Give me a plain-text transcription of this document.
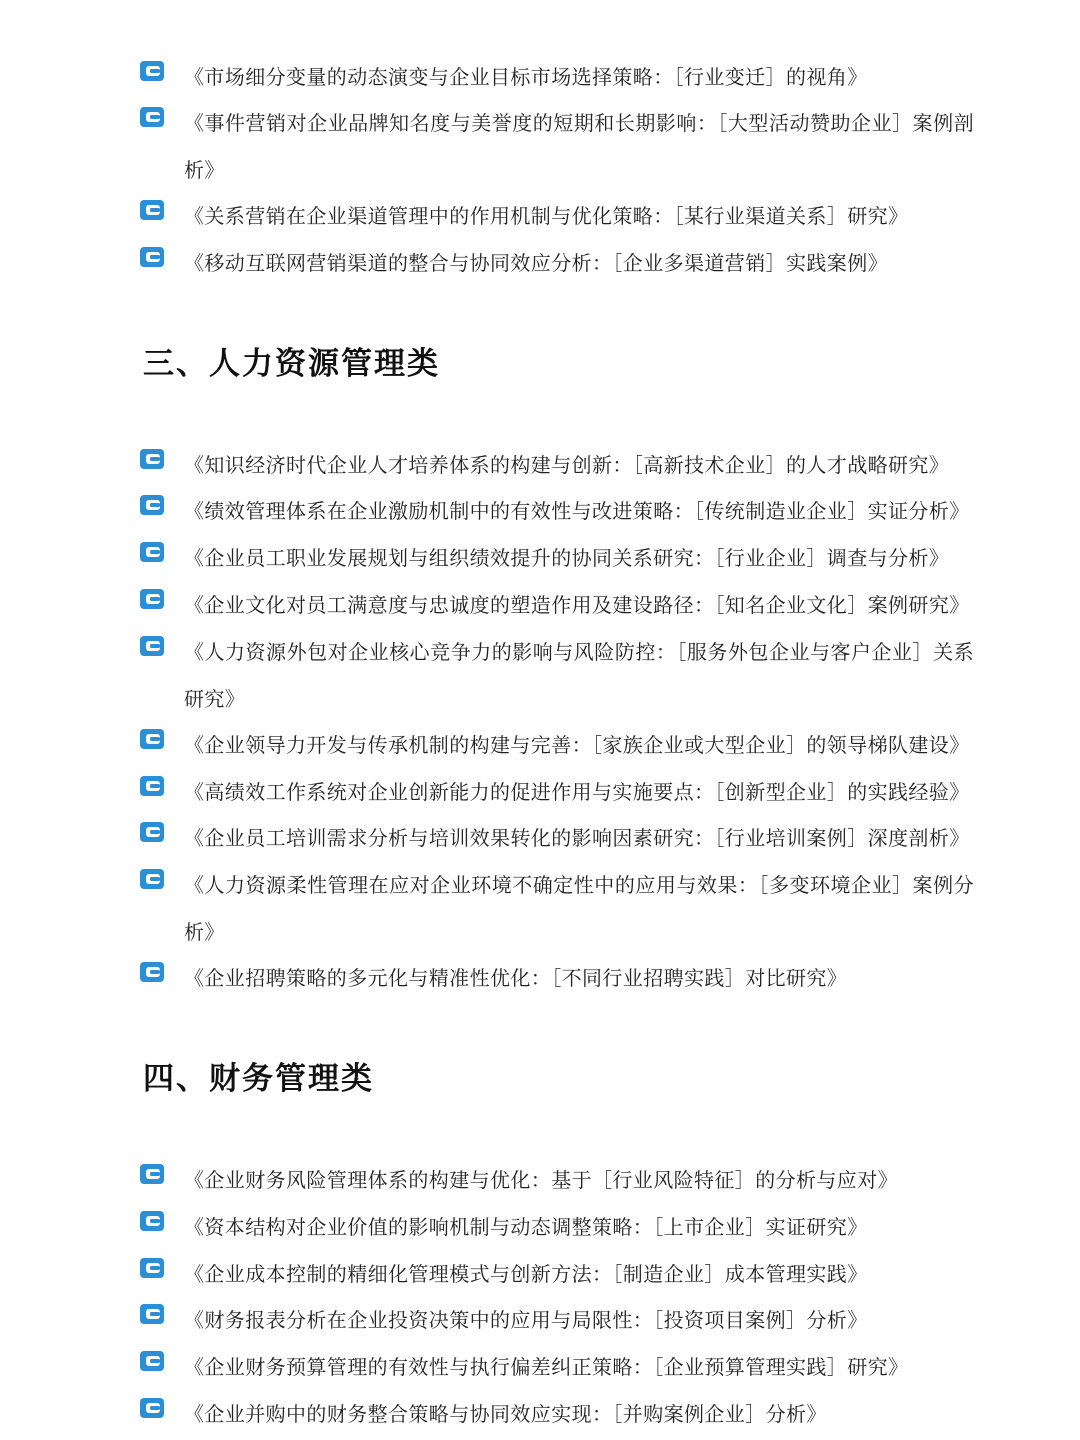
《市场细分变量的动态演变与企业目标市场选择策略：［行业变迁］的视角》
《事件营销对企业品牌知名度与美誉度的短期和长期影响：［大型活动赞助企业］案例剖析》
《关系营销在企业渠道管理中的作用机制与优化策略：［某行业渠道关系］研究》
《移动互联网营销渠道的整合与协同效应分析：［企业多渠道营销］实践案例》
三、人力资源管理类
《知识经济时代企业人才培养体系的构建与创新：［高新技术企业］的人才战略研究》
《绩效管理体系在企业激励机制中的有效性与改进策略：［传统制造业企业］实证分析》
《企业员工职业发展规划与组织绩效提升的协同关系研究：［行业企业］调查与分析》
《企业文化对员工满意度与忠诚度的塑造作用及建设路径：［知名企业文化］案例研究》
《人力资源外包对企业核心竞争力的影响与风险防控：［服务外包企业与客户企业］关系研究》
《企业领导力开发与传承机制的构建与完善：［家族企业或大型企业］的领导梯队建设》
《高绩效工作系统对企业创新能力的促进作用与实施要点：［创新型企业］的实践经验》
《企业员工培训需求分析与培训效果转化的影响因素研究：［行业培训案例］深度剖析》
《人力资源柔性管理在应对企业环境不确定性中的应用与效果：［多变环境企业］案例分析》
《企业招聘策略的多元化与精准性优化：［不同行业招聘实践］对比研究》
四、财务管理类
《企业财务风险管理体系的构建与优化：基于［行业风险特征］的分析与应对》
《资本结构对企业价值的影响机制与动态调整策略：［上市企业］实证研究》
《企业成本控制的精细化管理模式与创新方法：［制造企业］成本管理实践》
《财务报表分析在企业投资决策中的应用与局限性：［投资项目案例］分析》
《企业财务预算管理的有效性与执行偏差纠正策略：［企业预算管理实践］研究》
《企业并购中的财务整合策略与协同效应实现：［并购案例企业］分析》
